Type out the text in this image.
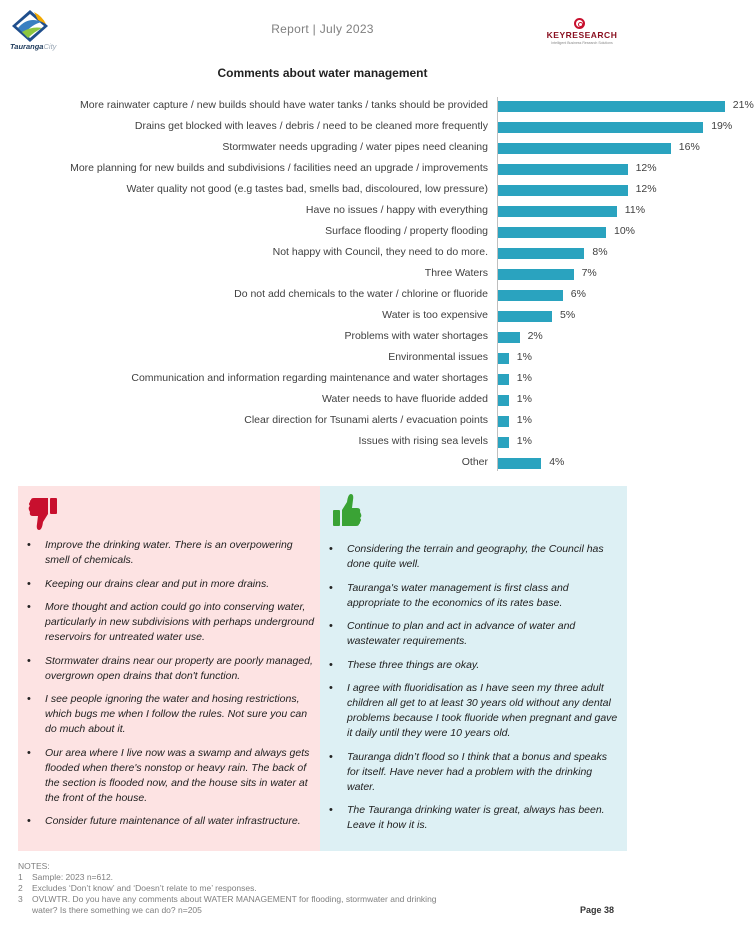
TaurangaCity
Report | July 2023	KEYRESEARCH
Intelligent Business Research Solutions
Comments about water management
More rainwater capture / new builds should have water tanks / tanks should be provided	21%
Drains get blocked with leaves / debris / need to be cleaned more frequently	19%
Stormwater needs upgrading / water pipes need cleaning	16%
More planning for new builds and subdivisions / facilities need an upgrade / improvements	12%
Water quality not good (e.g tastes bad, smells bad, discoloured, low pressure)	12%
Have no issues / happy with everything	11%
Surface flooding / property flooding	10%
Not happy with Council, they need to do more.	8%
Three Waters	7%
Do not add chemicals to the water / chlorine or fluoride	6%
Water is too expensive	5%
Problems with water shortages	2%
Environmental issues	1%
Communication and information regarding maintenance and water shortages	1%
Water needs to have fluoride added	1%
Clear direction for Tsunami alerts / evacuation points	1%
Issues with rising sea levels	1%
Other	4%
• Improve the drinking water. There is an overpowering smell of chemicals.
• Keeping our drains clear and put in more drains.
• More thought and action could go into conserving water, particularly in new subdivisions with perhaps underground reservoirs for untreated water use.
• Stormwater drains near our property are poorly managed, overgrown open drains that don't function.
• I see people ignoring the water and hosing restrictions, which bugs me when I follow the rules. Not sure you can do much about it.
• Our area where I live now was a swamp and always gets flooded when there's nonstop or heavy rain. The back of the section is flooded now, and the house sits in water at the front of the house.
• Consider future maintenance of all water infrastructure.
• Considering the terrain and geography, the Council has done quite well.
• Tauranga's water management is first class and appropriate to the economics of its rates base.
• Continue to plan and act in advance of water and wastewater requirements.
• These three things are okay.
• I agree with fluoridisation as I have seen my three adult children all get to at least 30 years old without any dental problems because I took fluoride when pregnant and gave it daily until they were 10 years old.
• Tauranga didn’t flood so I think that a bonus and speaks for itself. Have never had a problem with the drinking water.
• The Tauranga drinking water is great, always has been. Leave it how it is.
NOTES:
1	Sample: 2023 n=612.
2	Excludes ‘Don’t know’ and ‘Doesn’t relate to me’ responses.
3	OVLWTR. Do you have any comments about WATER MANAGEMENT for flooding, stormwater and drinking water? Is there something we can do? n=205	Page 38
